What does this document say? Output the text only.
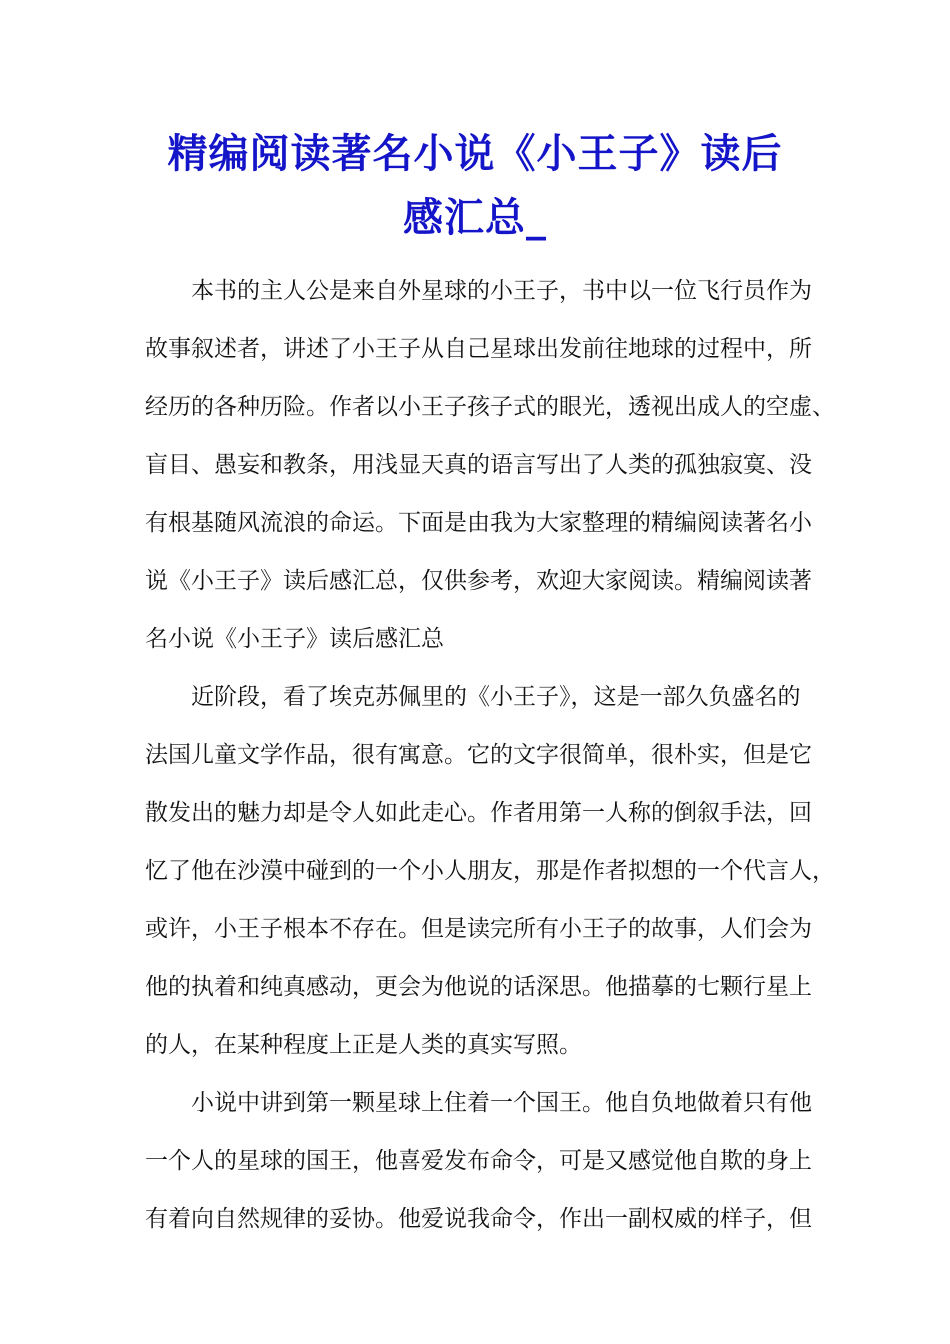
精编阅读著名小说《小王子》读后
感汇总_

本书的主人公是来自外星球的小王子，书中以一位飞行员作为
故事叙述者，讲述了小王子从自己星球出发前往地球的过程中，所
经历的各种历险。作者以小王子孩子式的眼光，透视出成人的空虚、
盲目、愚妄和教条，用浅显天真的语言写出了人类的孤独寂寞、没
有根基随风流浪的命运。下面是由我为大家整理的精编阅读著名小
说《小王子》读后感汇总，仅供参考，欢迎大家阅读。精编阅读著
名小说《小王子》读后感汇总

近阶段，看了埃克苏佩里的《小王子》，这是一部久负盛名的
法国儿童文学作品，很有寓意。它的文字很简单，很朴实，但是它
散发出的魅力却是令人如此走心。作者用第一人称的倒叙手法，回
忆了他在沙漠中碰到的一个小人朋友，那是作者拟想的一个代言人，
或许，小王子根本不存在。但是读完所有小王子的故事，人们会为
他的执着和纯真感动，更会为他说的话深思。他描摹的七颗行星上
的人，在某种程度上正是人类的真实写照。

小说中讲到第一颗星球上住着一个国王。他自负地做着只有他
一个人的星球的国王，他喜爱发布命令，可是又感觉他自欺的身上
有着向自然规律的妥协。他爱说我命令，作出一副权威的样子，但
